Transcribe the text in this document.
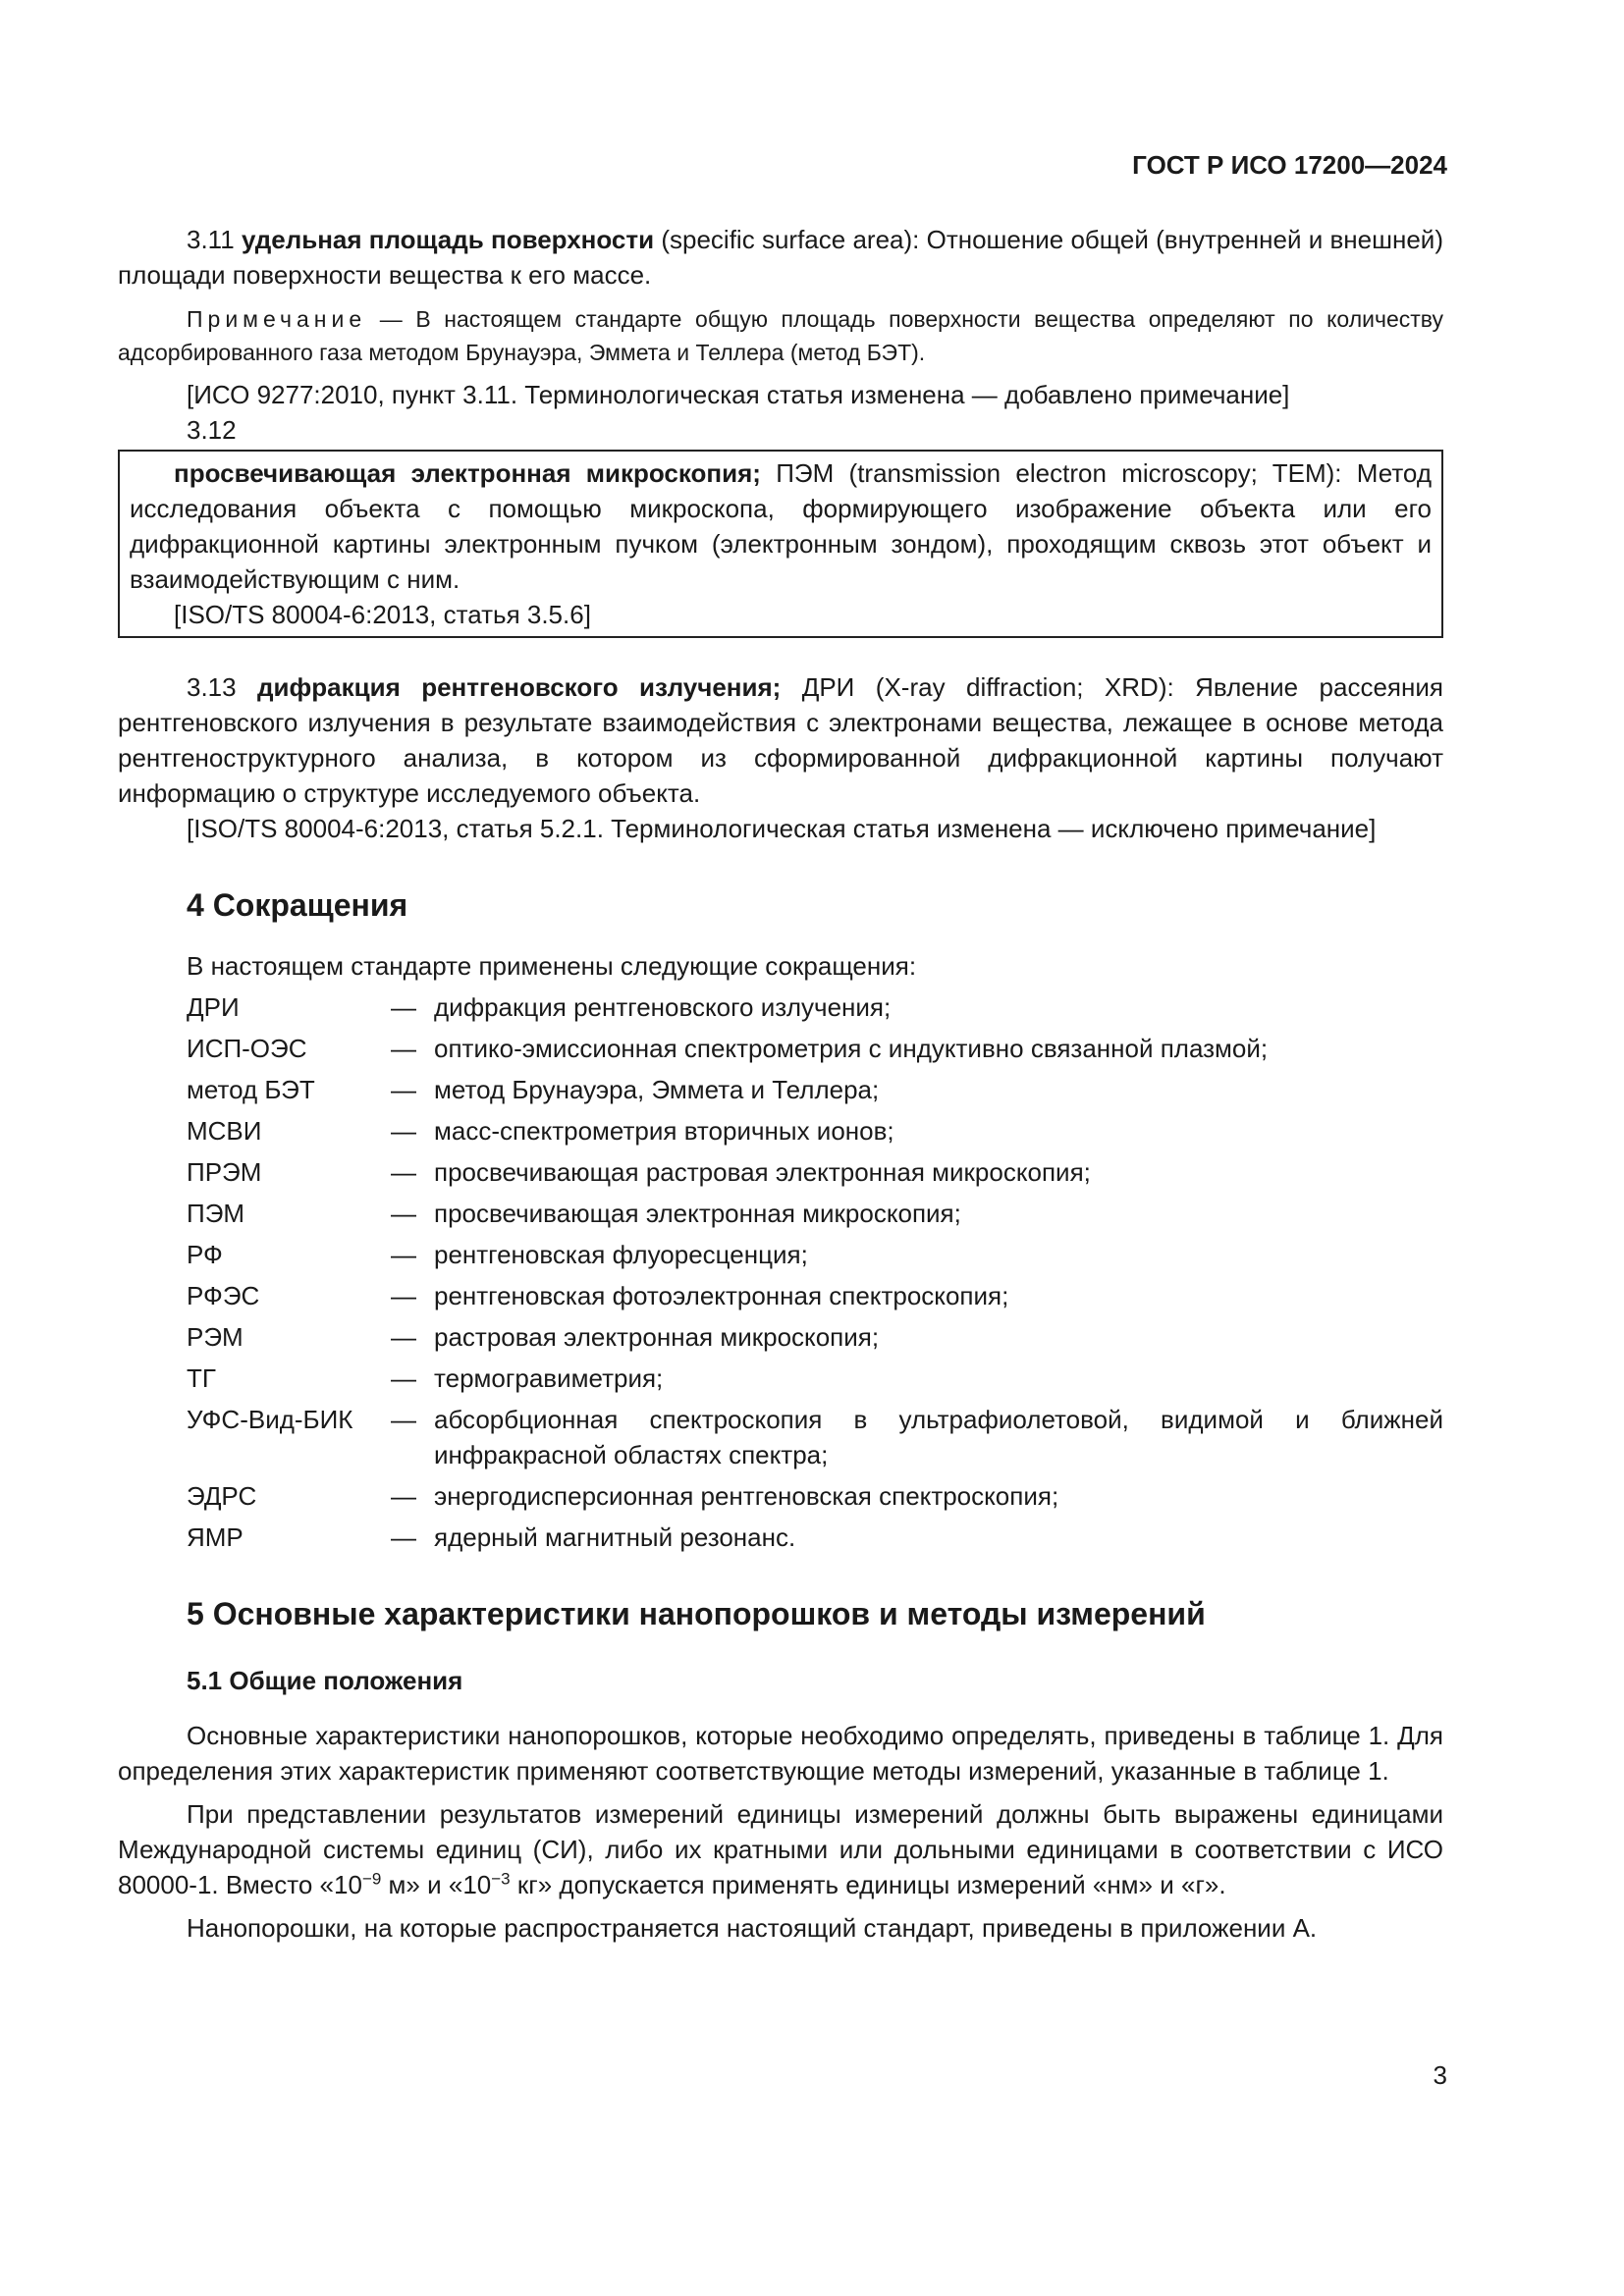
ГОСТ Р ИСО 17200—2024

3.11 удельная площадь поверхности (specific surface area): Отношение общей (внутренней и внешней) площади поверхности вещества к его массе.

Примечание — В настоящем стандарте общую площадь поверхности вещества определяют по количеству адсорбированного газа методом Брунауэра, Эммета и Теллера (метод БЭТ).

[ИСО 9277:2010, пункт 3.11. Терминологическая статья изменена — добавлено примечание]

3.12

просвечивающая электронная микроскопия; ПЭМ (transmission electron microscopy; TEM): Метод исследования объекта с помощью микроскопа, формирующего изображение объекта или его дифракционной картины электронным пучком (электронным зондом), проходящим сквозь этот объект и взаимодействующим с ним.

[ISO/TS 80004-6:2013, статья 3.5.6]

3.13 дифракция рентгеновского излучения; ДРИ (X-ray diffraction; XRD): Явление рассеяния рентгеновского излучения в результате взаимодействия с электронами вещества, лежащее в основе метода рентгеноструктурного анализа, в котором из сформированной дифракционной картины получают информацию о структуре исследуемого объекта.

[ISO/TS 80004-6:2013, статья 5.2.1. Терминологическая статья изменена — исключено примечание]

4 Сокращения

В настоящем стандарте применены следующие сокращения:

ДРИ	— дифракция рентгеновского излучения;
ИСП-ОЭС	— оптико-эмиссионная спектрометрия с индуктивно связанной плазмой;
метод БЭТ	— метод Брунауэра, Эммета и Теллера;
МСВИ	— масс-спектрометрия вторичных ионов;
ПРЭМ	— просвечивающая растровая электронная микроскопия;
ПЭМ	— просвечивающая электронная микроскопия;
РФ	— рентгеновская флуоресценция;
РФЭС	— рентгеновская фотоэлектронная спектроскопия;
РЭМ	— растровая электронная микроскопия;
ТГ	— термогравиметрия;
УФС-Вид-БИК	— абсорбционная спектроскопия в ультрафиолетовой, видимой и ближней инфракрасной областях спектра;
ЭДРС	— энергодисперсионная рентгеновская спектроскопия;
ЯМР	— ядерный магнитный резонанс.
5 Основные характеристики нанопорошков и методы измерений
5.1 Общие положения

Основные характеристики нанопорошков, которые необходимо определять, приведены в таблице 1. Для определения этих характеристик применяют соответствующие методы измерений, указанные в таблице 1.

При представлении результатов измерений единицы измерений должны быть выражены единицами Международной системы единиц (СИ), либо их кратными или дольными единицами в соответствии с ИСО 80000-1. Вместо «$10^{-9}$ м» и «$10^{-3}$ кг» допускается применять единицы измерений «нм» и «г».

Нанопорошки, на которые распространяется настоящий стандарт, приведены в приложении А.

3
